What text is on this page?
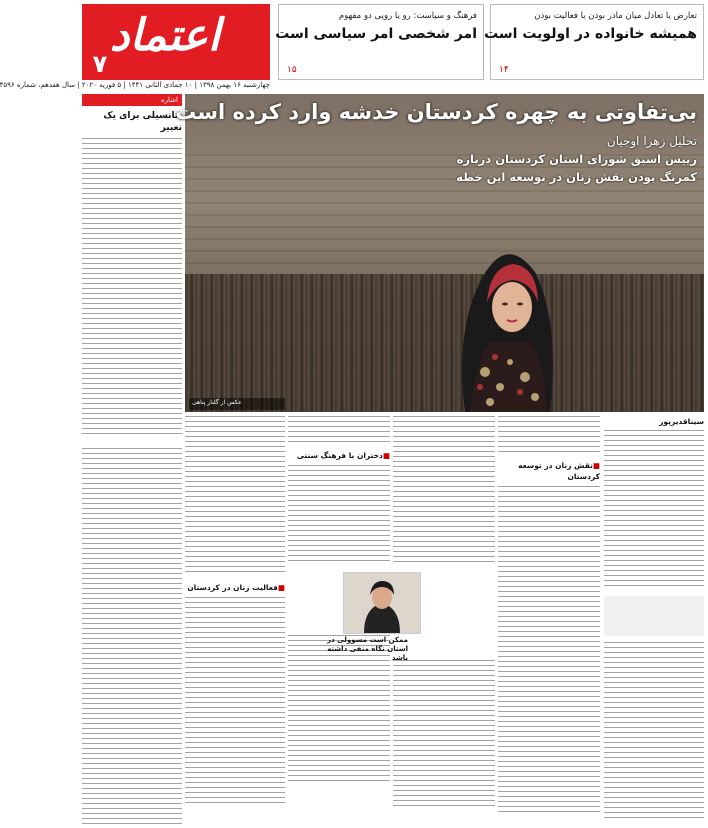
اعتماد
۷
چهارشنبه ۱۶ بهمن ۱۳۹۸ | ۱۰ جمادی الثانی ۱۴۴۱ | ۵ فوریه ۲۰۲۰ | سال هفدهم، شماره ۴۵۹۶
تعارض یا تعادل میان مادر بودن یا فعالیت بودن
همیشه خانواده در اولویت است
۱۴
فرهنگ و سیاست: رو یا رویی دو مفهوم
امر شخصی امر سیاسی است
۱۵
اشاره
پتانسیلی برای یک تغییر
بی‌تفاوتی به چهره کردستان خدشه وارد کرده است
تحلیل زهرا اوجیان
رییس اسبق شورای استان کردستان درباره
کمرنگ بودن نقش زنان در توسعه این خطه
عکس از گلنار پناهی
سیناقدیرپور
■نقش زنان در توسعه کردستان
■دختران با فرهنگ سنتی
■فعالیت زنان در کردستان
ممکن است مسوولی در استان نگاه منفی داشته باشد
